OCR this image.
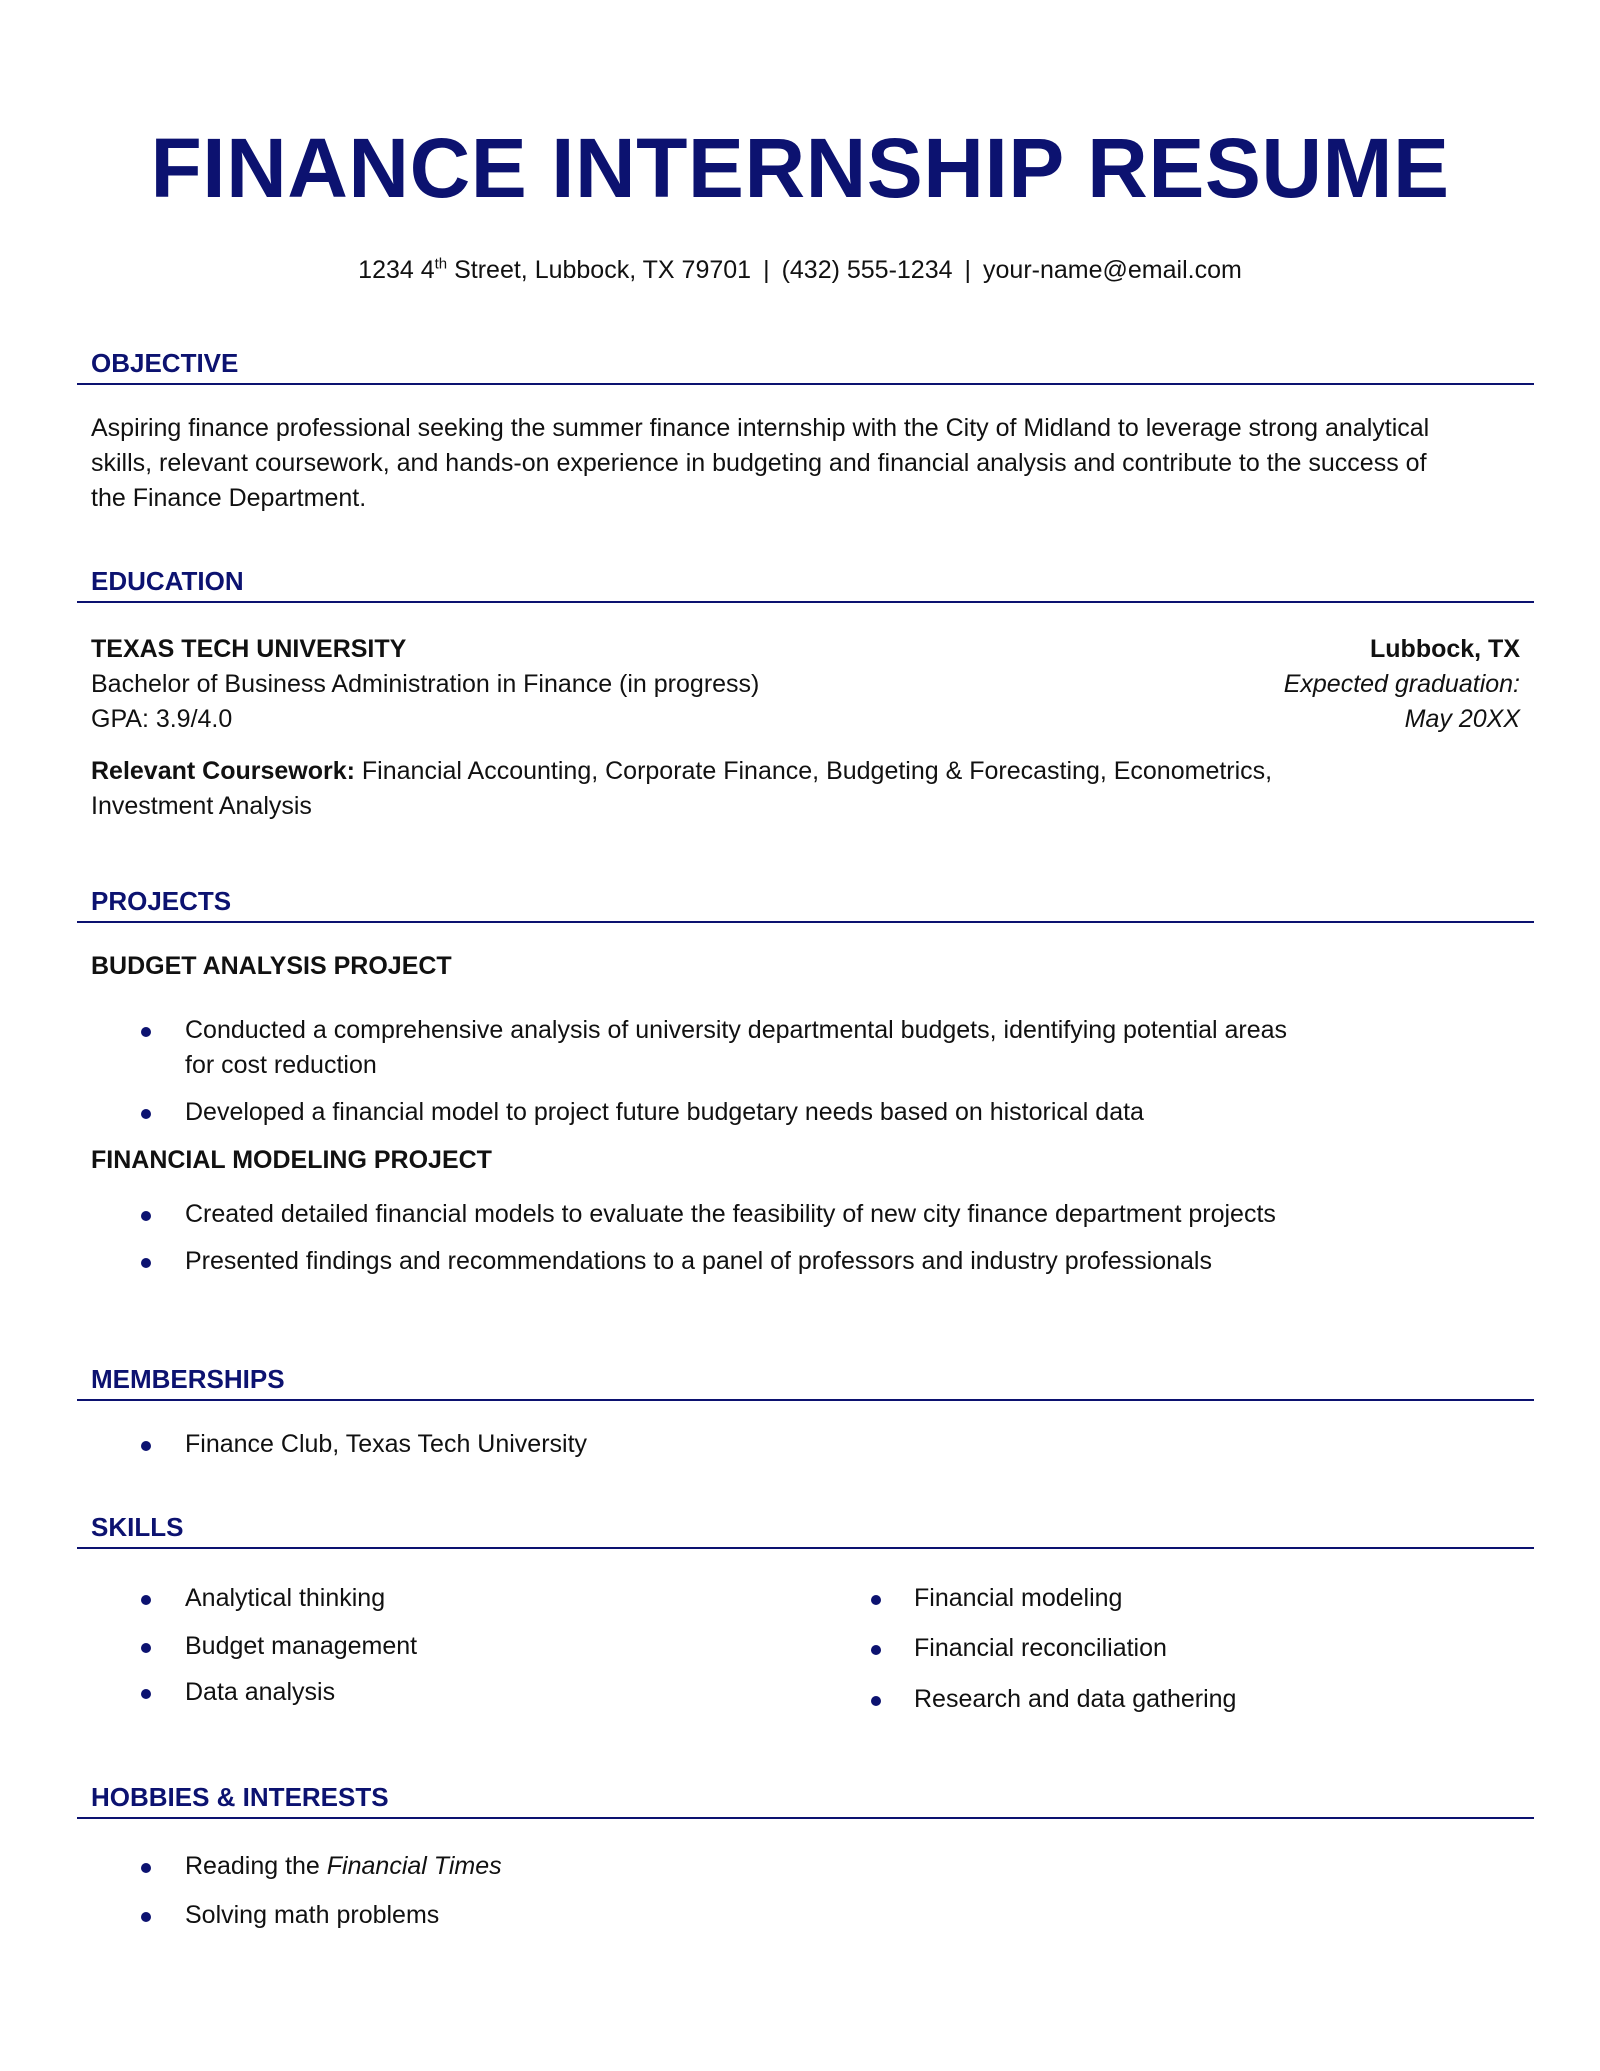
FINANCE INTERNSHIP RESUME
1234 4th Street, Lubbock, TX 79701 | (432) 555-1234 | your-name@email.com
OBJECTIVE
Aspiring finance professional seeking the summer finance internship with the City of Midland to leverage strong analytical
skills, relevant coursework, and hands-on experience in budgeting and financial analysis and contribute to the success of
the Finance Department.
EDUCATION
TEXAS TECH UNIVERSITY	Lubbock, TX
Bachelor of Business Administration in Finance (in progress)	Expected graduation:
GPA: 3.9/4.0	May 20XX
Relevant Coursework: Financial Accounting, Corporate Finance, Budgeting & Forecasting, Econometrics,
Investment Analysis
PROJECTS
BUDGET ANALYSIS PROJECT
Conducted a comprehensive analysis of university departmental budgets, identifying potential areas
for cost reduction
Developed a financial model to project future budgetary needs based on historical data
FINANCIAL MODELING PROJECT
Created detailed financial models to evaluate the feasibility of new city finance department projects
Presented findings and recommendations to a panel of professors and industry professionals
MEMBERSHIPS
Finance Club, Texas Tech University
SKILLS
Analytical thinking
Budget management
Data analysis
Financial modeling
Financial reconciliation
Research and data gathering
HOBBIES & INTERESTS
Reading the Financial Times
Solving math problems
